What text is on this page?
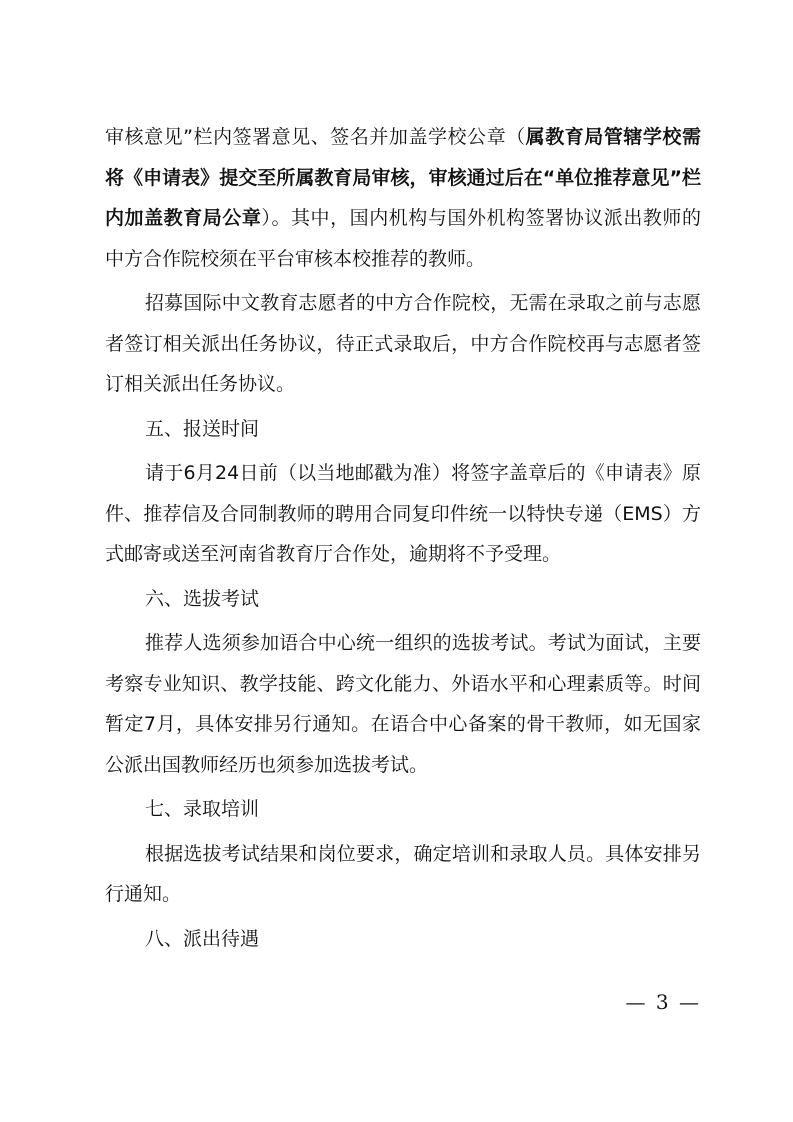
审核意见”栏内签署意见、签名并加盖学校公章（属教育局管辖学校需将《申请表》提交至所属教育局审核，审核通过后在“单位推荐意见”栏内加盖教育局公章）。其中，国内机构与国外机构签署协议派出教师的中方合作院校须在平台审核本校推荐的教师。

招募国际中文教育志愿者的中方合作院校，无需在录取之前与志愿者签订相关派出任务协议，待正式录取后，中方合作院校再与志愿者签订相关派出任务协议。

五、报送时间

请于6月24日前（以当地邮戳为准）将签字盖章后的《申请表》原件、推荐信及合同制教师的聘用合同复印件统一以特快专递（EMS）方式邮寄或送至河南省教育厅合作处，逾期将不予受理。

六、选拔考试

推荐人选须参加语合中心统一组织的选拔考试。考试为面试，主要考察专业知识、教学技能、跨文化能力、外语水平和心理素质等。时间暂定7月，具体安排另行通知。在语合中心备案的骨干教师，如无国家公派出国教师经历也须参加选拔考试。

七、录取培训

根据选拔考试结果和岗位要求，确定培训和录取人员。具体安排另行通知。

八、派出待遇

— 3 —
